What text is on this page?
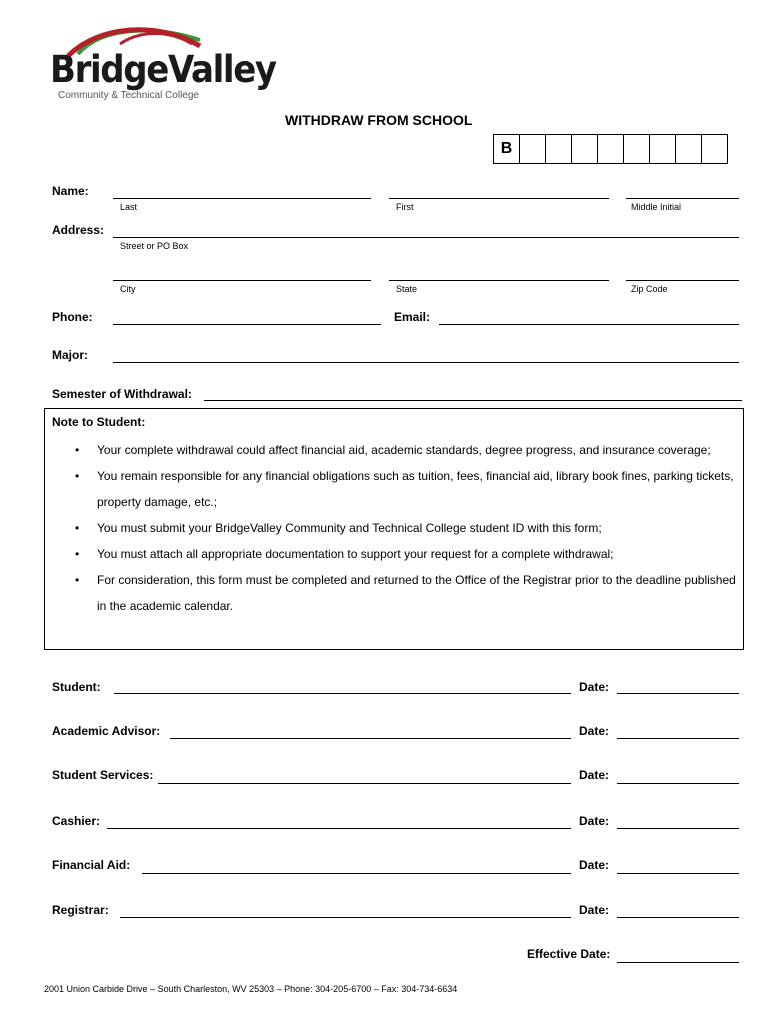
BridgeValley
Community & Technical College
WITHDRAW FROM SCHOOL
B
Name:
Last	First	Middle Initial
Address:
Street or PO Box
City	State	Zip Code
Phone:	Email:
Major:
Semester of Withdrawal:
Note to Student:
• Your complete withdrawal could affect financial aid, academic standards, degree progress, and insurance coverage;
• You remain responsible for any financial obligations such as tuition, fees, financial aid, library book fines, parking tickets, property damage, etc.;
• You must submit your BridgeValley Community and Technical College student ID with this form;
• You must attach all appropriate documentation to support your request for a complete withdrawal;
• For consideration, this form must be completed and returned to the Office of the Registrar prior to the deadline published in the academic calendar.
Student:	Date:
Academic Advisor:	Date:
Student Services:	Date:
Cashier:	Date:
Financial Aid:	Date:
Registrar:	Date:
Effective Date:
2001 Union Carbide Drive – South Charleston, WV 25303 – Phone: 304-205-6700 – Fax: 304-734-6634
